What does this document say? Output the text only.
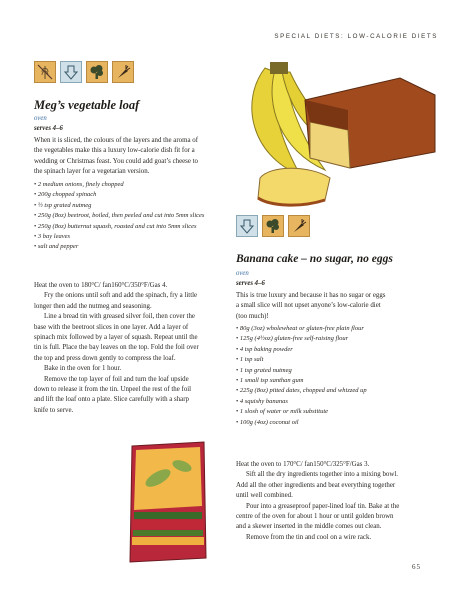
SPECIAL DIETS: LOW-CALORIE DIETS
Meg’s vegetable loaf
oven
serves 4–6

When it is sliced, the colours of the layers and the aroma of

the vegetables make this a luxury low-calorie dish fit for a

wedding or Christmas feast. You could add goat’s cheese to

the spinach layer for a vegetarian version.

• 2 medium onions, finely chopped
• 200g chopped spinach
• ½ tsp grated nutmeg
• 250g (8oz) beetroot, boiled, then peeled and cut into 5mm slices
• 250g (8oz) butternut squash, roasted and cut into 5mm slices
• 3 bay leaves
• salt and pepper

Heat the oven to 180°C/ fan160°C/350°F/Gas 4.

Fry the onions until soft and add the spinach, fry a little

longer then add the nutmeg and seasoning.

Line a bread tin with greased silver foil, then cover the

base with the beetroot slices in one layer. Add a layer of

spinach mix followed by a layer of squash. Repeat until the

tin is full. Place the bay leaves on the top. Fold the foil over

the top and press down gently to compress the loaf.

Bake in the oven for 1 hour.

Remove the top layer of foil and turn the loaf upside

down to release it from the tin. Unpeel the rest of the foil

and lift the loaf onto a plate. Slice carefully with a sharp

knife to serve.

Banana cake – no sugar, no eggs
oven
serves 4–6

This is true luxury and because it has no sugar or eggs

a small slice will not upset anyone’s low-calorie diet

(too much)!

• 80g (3oz) wholewheat or gluten-free plain flour
• 125g (4½oz) gluten-free self-raising flour
• 4 tsp baking powder
• 1 tsp salt
• 1 tsp grated nutmeg
• 1 small tsp xanthan gum
• 225g (8oz) pitted dates, chopped and whizzed up
• 4 squishy bananas
• 1 slosh of water or milk substitute
• 100g (4oz) coconut oil

Heat the oven to 170°C/ fan150°C/325°F/Gas 3.

Sift all the dry ingredients together into a mixing bowl.

Add all the other ingredients and beat everything together

until well combined.

Pour into a greaseproof paper-lined loaf tin. Bake at the

centre of the oven for about 1 hour or until golden brown

and a skewer inserted in the middle comes out clean.

Remove from the tin and cool on a wire rack.

65
